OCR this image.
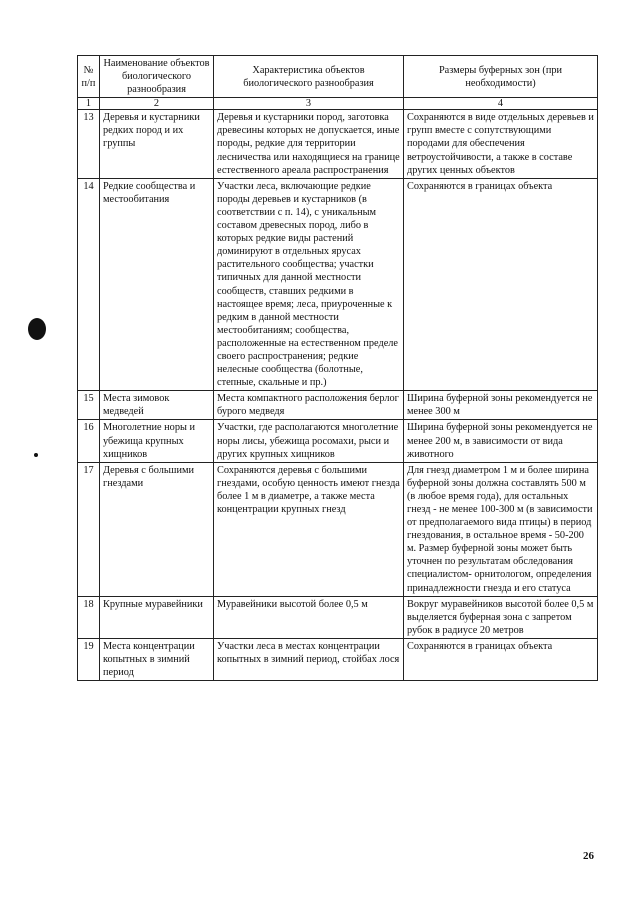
№ п/п	Наименование объектов биологического разнообразия	Характеристика объектов биологического разнообразия	Размеры буферных зон (при необходимости)
1	2	3	4
13	Деревья и кустарники редких пород и их группы	Деревья и кустарники пород, заготовка древесины которых не допускается, иные породы, редкие для территории лесничества или находящиеся на границе естественного ареала распространения	Сохраняются в виде отдельных деревьев и групп вместе с сопутствующими породами для обеспечения ветроустойчивости, а также в составе других ценных объектов
14	Редкие сообщества и местообитания	Участки леса, включающие редкие породы деревьев и кустарников (в соответствии с п. 14), с уникальным составом древесных пород, либо в которых редкие виды растений доминируют в отдельных ярусах растительного сообщества; участки типичных для данной местности сообществ, ставших редкими в настоящее время; леса, приуроченные к редким в данной местности местообитаниям; сообщества, расположенные на естественном пределе своего распространения; редкие нелесные сообщества (болотные, степные, скальные и пр.)	Сохраняются в границах объекта
15	Места зимовок медведей	Места компактного расположения берлог бурого медведя	Ширина буферной зоны рекомендуется не менее 300 м
16	Многолетние норы и убежища крупных хищников	Участки, где располагаются многолетние норы лисы, убежища росомахи, рыси и других крупных хищников	Ширина буферной зоны рекомендуется не менее 200 м, в зависимости от вида животного
17	Деревья с большими гнездами	Сохраняются деревья с большими гнездами, особую ценность имеют гнезда более 1 м в диаметре, а также места концентрации крупных гнезд	Для гнезд диаметром 1 м и более ширина буферной зоны должна составлять 500 м (в любое время года), для остальных гнезд - не менее 100-300 м (в зависимости от предполагаемого вида птицы) в период гнездования, в остальное время - 50-200 м. Размер буферной зоны может быть уточнен по результатам обследования специалистом- орнитологом, определения принадлежности гнезда и его статуса
18	Крупные муравейники	Муравейники высотой более 0,5 м	Вокруг муравейников высотой более 0,5 м выделяется буферная зона с запретом рубок в радиусе 20 метров
19	Места концентрации копытных в зимний период	Участки леса в местах концентрации копытных в зимний период, стойбах лося	Сохраняются в границах объекта
26
